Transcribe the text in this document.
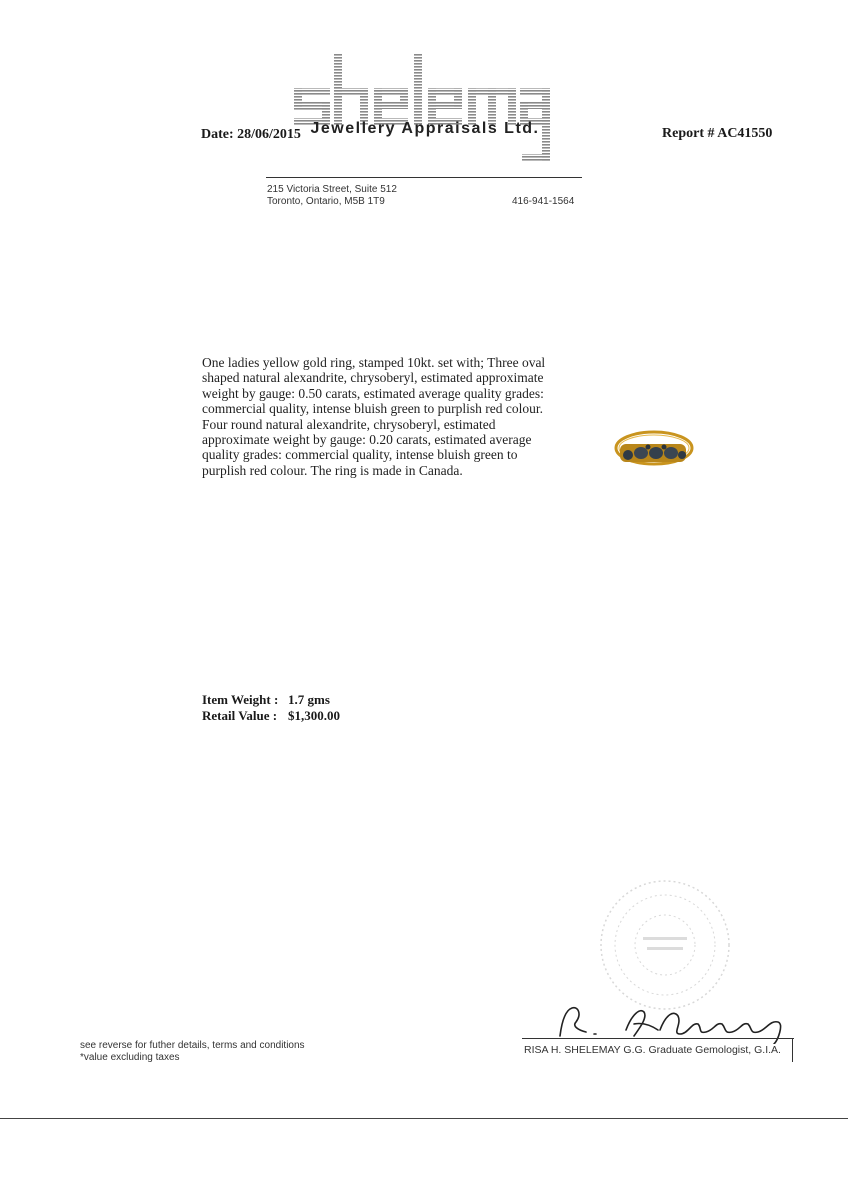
Jewellery Appraisals Ltd.
Date: 28/06/2015	Report # AC41550
215 Victoria Street, Suite 512
Toronto, Ontario, M5B 1T9	416-941-1564
One ladies yellow gold ring, stamped 10kt. set with; Three oval shaped natural alexandrite, chrysoberyl, estimated approximate weight by gauge: 0.50 carats, estimated average quality grades: commercial quality, intense bluish green to purplish red colour. Four round natural alexandrite, chrysoberyl, estimated approximate weight by gauge: 0.20 carats, estimated average quality grades: commercial quality, intense bluish green to purplish red colour. The ring is made in Canada.
Item Weight : 1.7 gms
Retail Value : $1,300.00
RISA H. SHELEMAY G.G. Graduate Gemologist, G.I.A.
see reverse for futher details, terms and conditions
*value excluding taxes
